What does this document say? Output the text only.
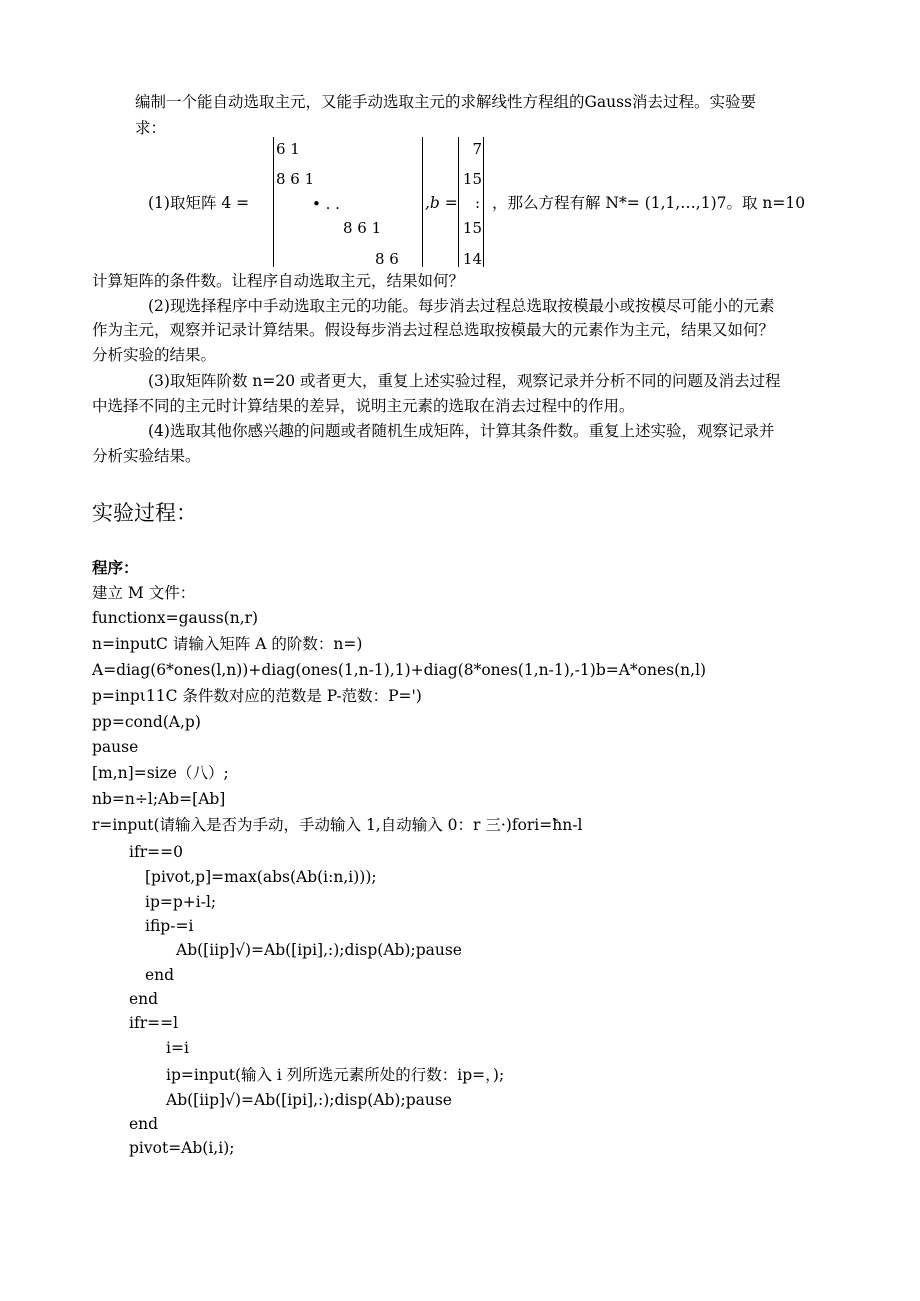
编制一个能自动选取主元，又能手动选取主元的求解线性方程组的Gauss消去过程。实验要
求：
(1)取矩阵 4 =
6 1
8 6 1
• . .
8 6 1
8 6
,b =
7
15
:
15
14
，那么方程有解 N*= (1,1,…,1)7。取 n=10
计算矩阵的条件数。让程序自动选取主元，结果如何？
(2)现选择程序中手动选取主元的功能。每步消去过程总选取按模最小或按模尽可能小的元素
作为主元，观察并记录计算结果。假设每步消去过程总选取按模最大的元素作为主元，结果又如何？
分析实验的结果。
(3)取矩阵阶数 n=20 或者更大，重复上述实验过程，观察记录并分析不同的问题及消去过程
中选择不同的主元时计算结果的差异，说明主元素的选取在消去过程中的作用。
(4)选取其他你感兴趣的问题或者随机生成矩阵，计算其条件数。重复上述实验，观察记录并
分析实验结果。
实验过程：
程序：
建立 M 文件：
functionx=gauss(n,r)
n=inputC 请输入矩阵 A 的阶数：n=)
A=diag(6*ones(l,n))+diag(ones(1,n-1),1)+diag(8*ones(1,n-1),-1)b=A*ones(n,l)
p=inpι11C 条件数对应的范数是 P-范数：P=')
pp=cond(A,p)
pause
[m,n]=size（八）;
nb=n÷l;Ab=[Ab]
r=input(请输入是否为手动，手动输入 1,自动输入 0：r 三·)fori=ħn-l
ifr==0
[pivot,p]=max(abs(Ab(i:n,i)));
ip=p+i-l;
ifip-=i
Ab([iip]√)=Ab([ipi],:);disp(Ab);pause
end
end
ifr==l
i=i
ip=input(输入 i 列所选元素所处的行数：ip=，);
Ab([iip]√)=Ab([ipi],:);disp(Ab);pause
end
pivot=Ab(i,i);
